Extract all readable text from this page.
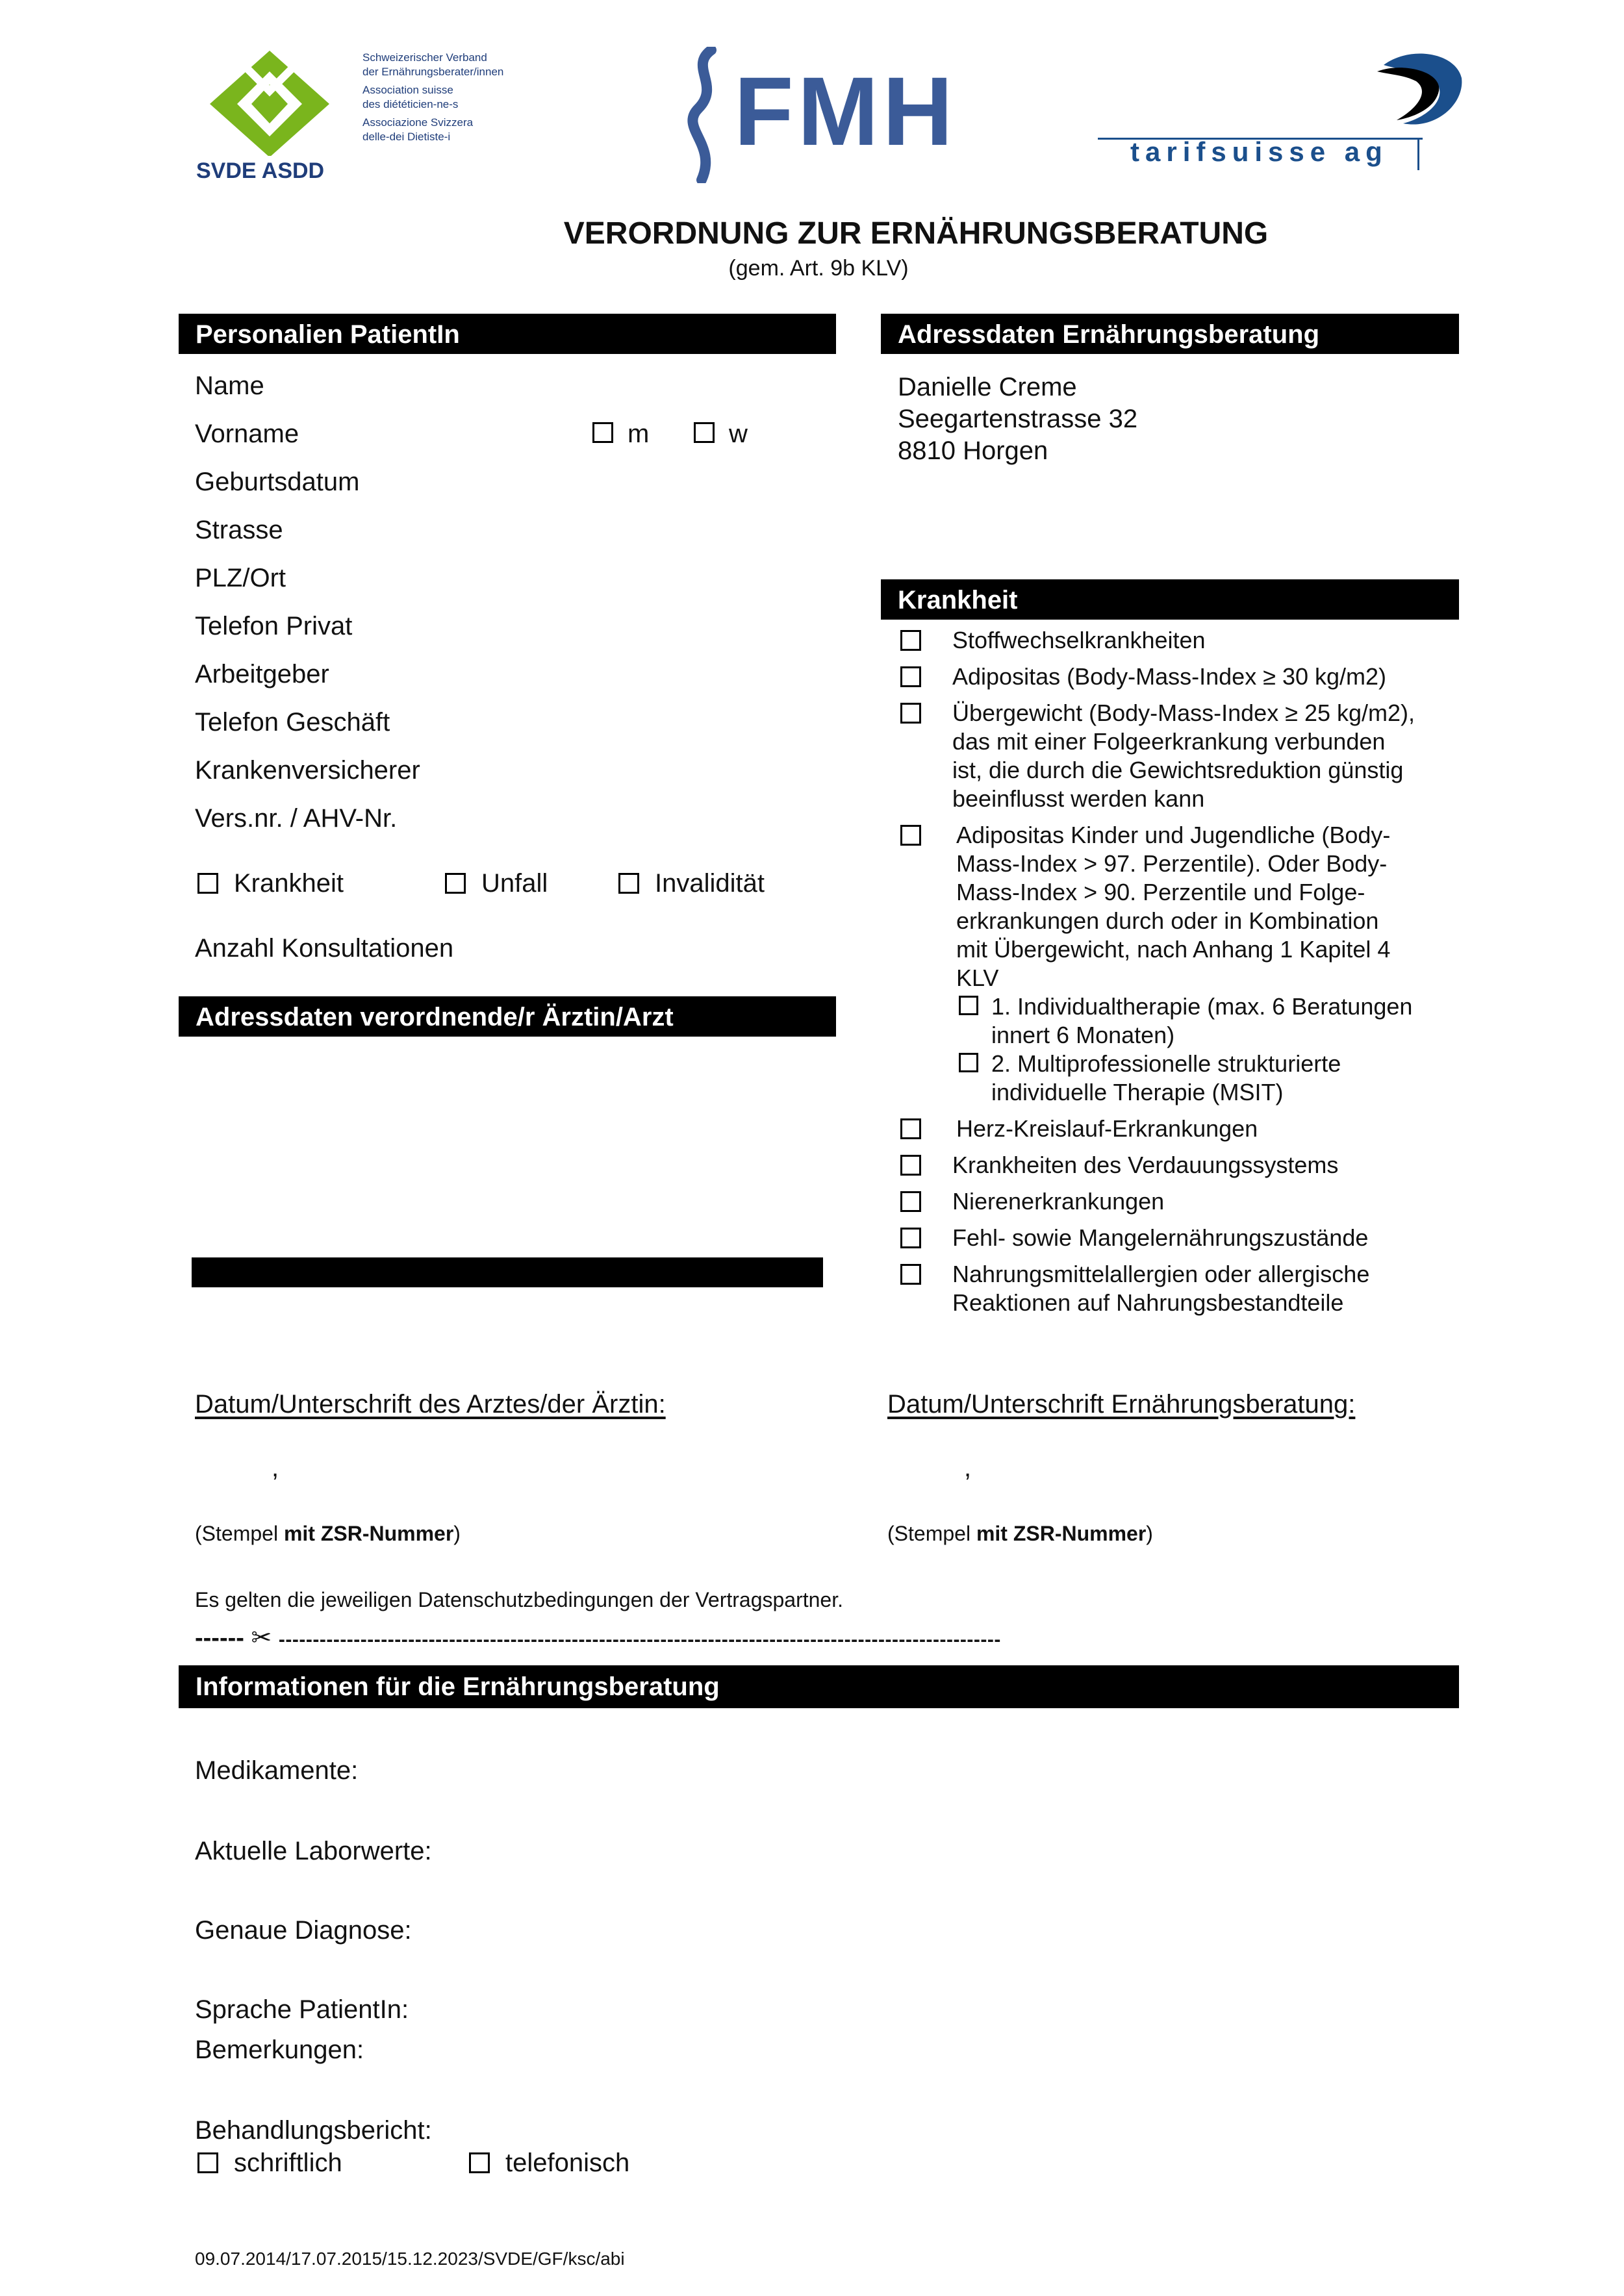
SVDE ASDD
Schweizerischer Verband
der Ernährungsberater/innen
Association suisse
des diététicien-ne-s
Associazione Svizzera
delle-dei Dietiste-i	FMH	tarifsuisse ag
VERORDNUNG ZUR ERNÄHRUNGSBERATUNG
(gem. Art. 9b KLV)
Personalien PatientIn
Name
Vorname	m	w
Geburtsdatum
Strasse
PLZ/Ort
Telefon Privat
Arbeitgeber
Telefon Geschäft
Krankenversicherer
Vers.nr. / AHV-Nr.
Krankheit	Unfall	Invalidität
Anzahl Konsultationen
Adressdaten verordnende/r Ärztin/Arzt
Adressdaten Ernährungsberatung
Danielle Creme
Seegartenstrasse 32
8810 Horgen
Krankheit
Stoffwechselkrankheiten
Adipositas (Body-Mass-Index ≥ 30 kg/m2)
Übergewicht (Body-Mass-Index ≥ 25 kg/m2),
das mit einer Folgeerkrankung verbunden
ist, die durch die Gewichtsreduktion günstig
beeinflusst werden kann
Adipositas Kinder und Jugendliche (Body-
Mass-Index > 97. Perzentile). Oder Body-
Mass-Index > 90. Perzentile und Folge-
erkrankungen durch oder in Kombination
mit Übergewicht, nach Anhang 1 Kapitel 4
KLV
1. Individualtherapie (max. 6 Beratungen
innert 6 Monaten)
2. Multiprofessionelle strukturierte
individuelle Therapie (MSIT)
Herz-Kreislauf-Erkrankungen
Krankheiten des Verdauungssystems
Nierenerkrankungen
Fehl- sowie Mangelernährungszustände
Nahrungsmittelallergien oder allergische
Reaktionen auf Nahrungsbestandteile
Datum/Unterschrift des Arztes/der Ärztin:	Datum/Unterschrift Ernährungsberatung:
,	,
(Stempel mit ZSR-Nummer)	(Stempel mit ZSR-Nummer)
Es gelten die jeweiligen Datenschutzbedingungen der Vertragspartner.
------ ✂ ----------------------------------------------------------------------------------------------------------
Informationen für die Ernährungsberatung
Medikamente:
Aktuelle Laborwerte:
Genaue Diagnose:
Sprache PatientIn:
Bemerkungen:
Behandlungsbericht:
schriftlich	telefonisch
09.07.2014/17.07.2015/15.12.2023/SVDE/GF/ksc/abi
